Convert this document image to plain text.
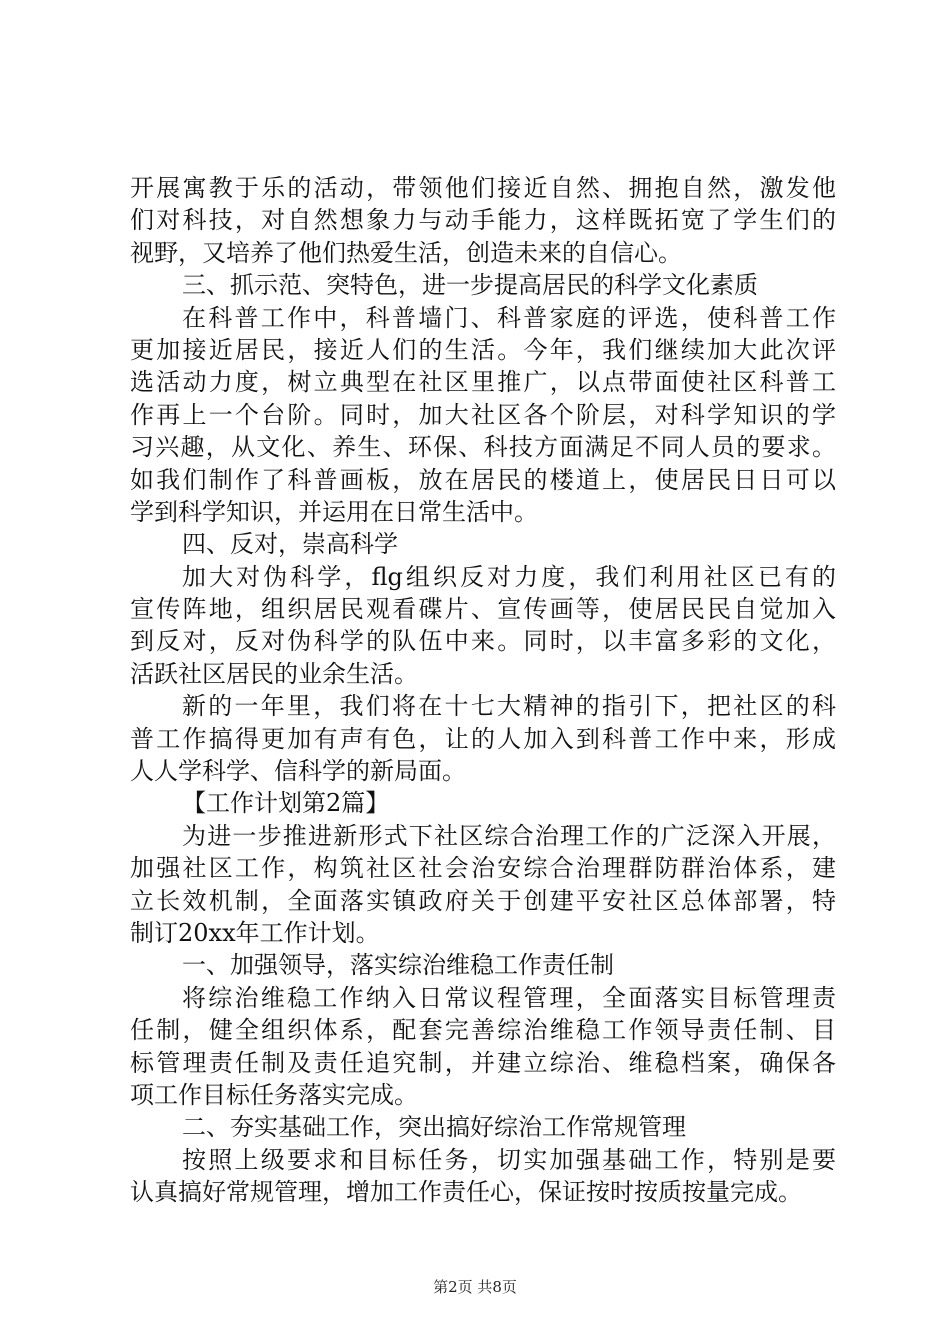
开展寓教于乐的活动，带领他们接近自然、拥抱自然，激发他
们对科技，对自然想象力与动手能力，这样既拓宽了学生们的
视野，又培养了他们热爱生活，创造未来的自信心。
三、抓示范、突特色，进一步提高居民的科学文化素质
在科普工作中，科普墙门、科普家庭的评选，使科普工作
更加接近居民，接近人们的生活。今年，我们继续加大此次评
选活动力度，树立典型在社区里推广，以点带面使社区科普工
作再上一个台阶。同时，加大社区各个阶层，对科学知识的学
习兴趣，从文化、养生、环保、科技方面满足不同人员的要求。
如我们制作了科普画板，放在居民的楼道上，使居民日日可以
学到科学知识，并运用在日常生活中。
四、反对，崇高科学
加大对伪科学，flg组织反对力度，我们利用社区已有的
宣传阵地，组织居民观看碟片、宣传画等，使居民民自觉加入
到反对，反对伪科学的队伍中来。同时，以丰富多彩的文化，
活跃社区居民的业余生活。
新的一年里，我们将在十七大精神的指引下，把社区的科
普工作搞得更加有声有色，让的人加入到科普工作中来，形成
人人学科学、信科学的新局面。
【工作计划第2篇】
为进一步推进新形式下社区综合治理工作的广泛深入开展，
加强社区工作，构筑社区社会治安综合治理群防群治体系，建
立长效机制，全面落实镇政府关于创建平安社区总体部署，特
制订20xx年工作计划。
一、加强领导，落实综治维稳工作责任制
将综治维稳工作纳入日常议程管理，全面落实目标管理责
任制，健全组织体系，配套完善综治维稳工作领导责任制、目
标管理责任制及责任追究制，并建立综治、维稳档案，确保各
项工作目标任务落实完成。
二、夯实基础工作，突出搞好综治工作常规管理
按照上级要求和目标任务，切实加强基础工作，特别是要
认真搞好常规管理，增加工作责任心，保证按时按质按量完成。
第2页 共8页
